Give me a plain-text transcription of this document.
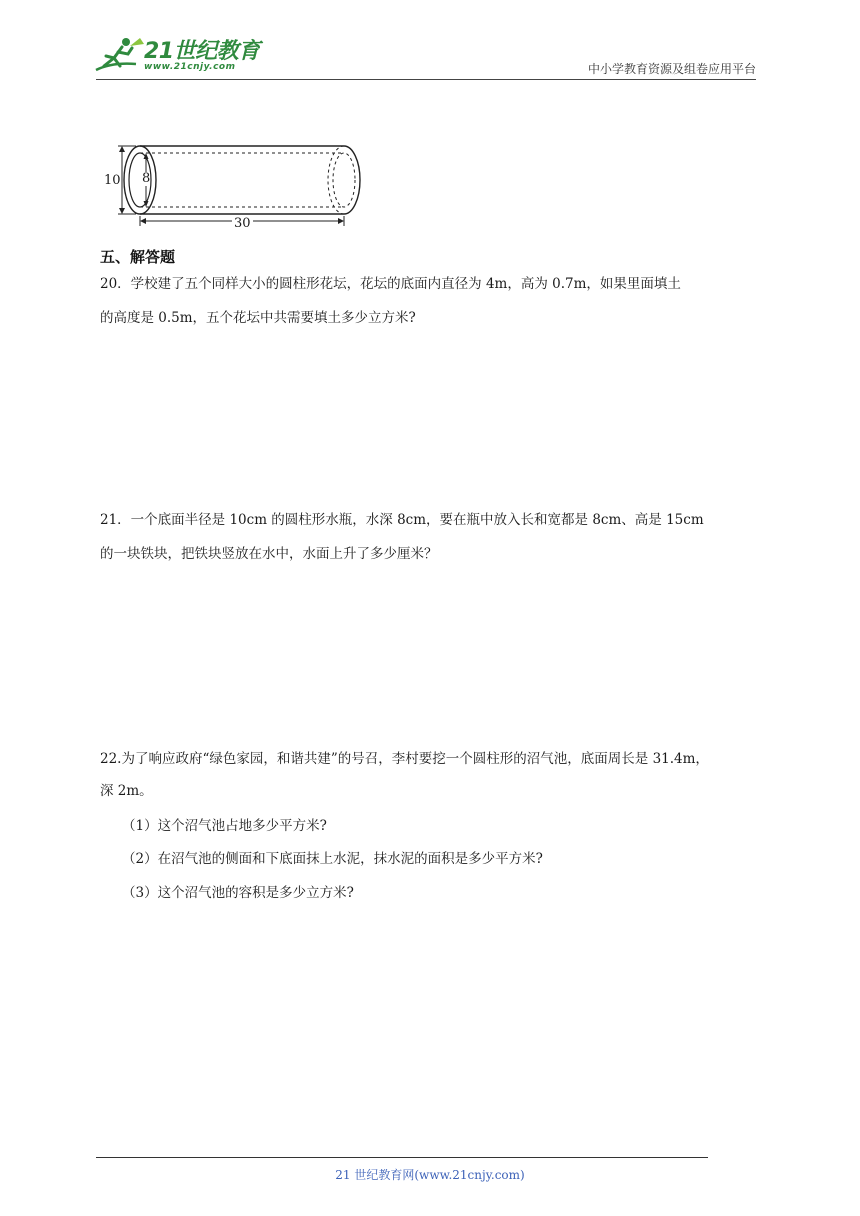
21世纪教育
www.21cnjy.com	中小学教育资源及组卷应用平台
10 8
30
五、解答题
20．学校建了五个同样大小的圆柱形花坛，花坛的底面内直径为 4m，高为 0.7m，如果里面填土
的高度是 0.5m，五个花坛中共需要填土多少立方米?
21．一个底面半径是 10cm 的圆柱形水瓶，水深 8cm，要在瓶中放入长和宽都是 8cm、高是 15cm
的一块铁块，把铁块竖放在水中，水面上升了多少厘米？
22.为了响应政府“绿色家园，和谐共建”的号召，李村要挖一个圆柱形的沼气池，底面周长是 31.4m，
深 2m。
（1）这个沼气池占地多少平方米?
（2）在沼气池的侧面和下底面抹上水泥，抹水泥的面积是多少平方米?
（3）这个沼气池的容积是多少立方米?
21 世纪教育网(www.21cnjy.com)
